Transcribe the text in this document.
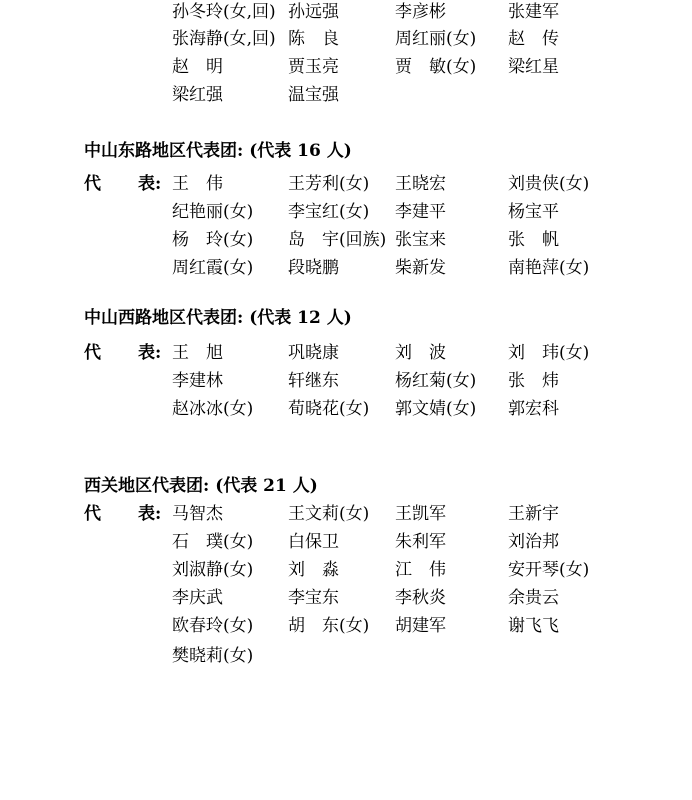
孙冬玲(女,回) 孙远强	李彦彬	张建军
张海静(女,回) 陈　良	周红丽(女) 赵　传
赵　明	贾玉亮	贾　敏(女) 梁红星
梁红强	温宝强
中山东路地区代表团: (代表 16 人)
代 表: 王　伟	王芳利(女) 王晓宏	刘贵侠(女)
纪艳丽(女) 李宝红(女) 李建平	杨宝平
杨　玲(女) 岛　宇(回族) 张宝来	张　帆
周红霞(女) 段晓鹏	柴新发	南艳萍(女)
中山西路地区代表团: (代表 12 人)
代 表: 王　旭	巩晓康	刘　波	刘　玮(女)
李建林	轩继东	杨红菊(女) 张　炜
赵冰冰(女) 荀晓花(女) 郭文婧(女) 郭宏科
西关地区代表团: (代表 21 人)
代 表: 马智杰	王文莉(女) 王凯军	王新宇
石　璞(女) 白保卫	朱利军	刘治邦
刘淑静(女) 刘　淼	江　伟	安开琴(女)
李庆武	李宝东	李秋炎	余贵云
欧春玲(女) 胡　东(女) 胡建军	谢飞飞
樊晓莉(女)
